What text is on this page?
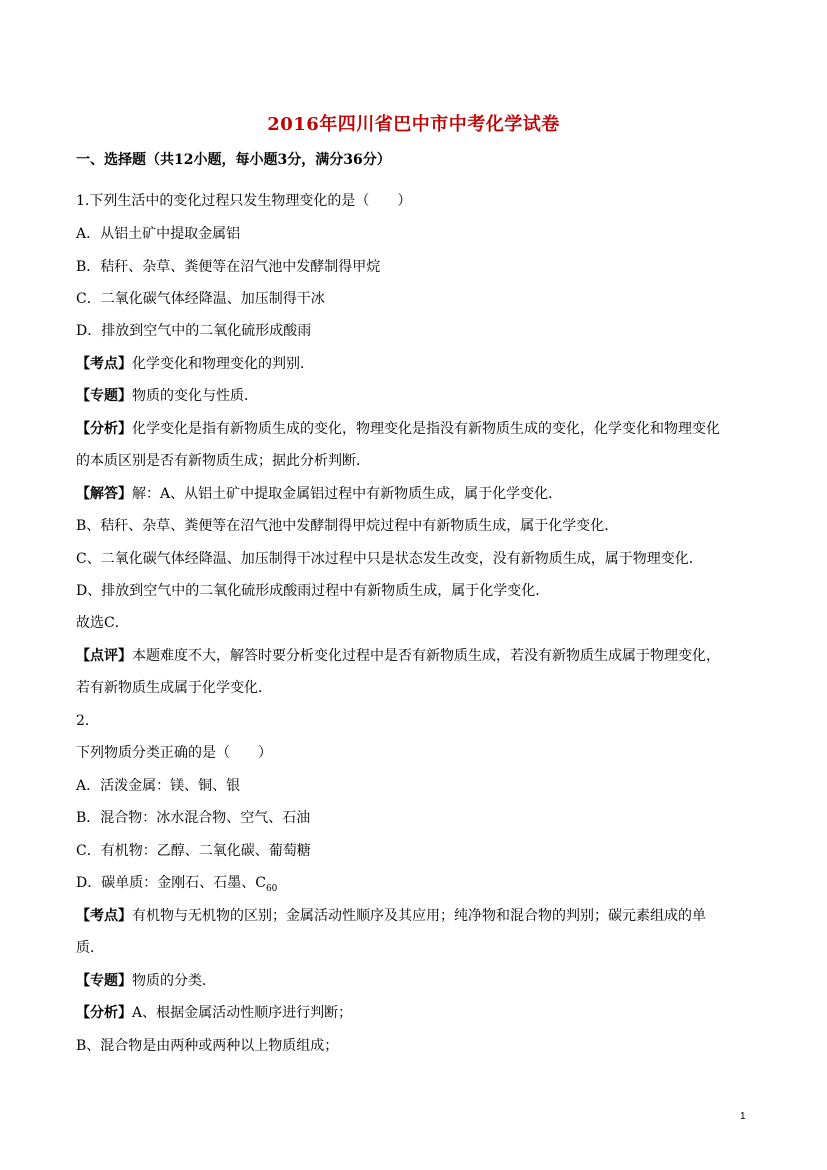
2016年四川省巴中市中考化学试卷
一、选择题（共12小题，每小题3分，满分36分）
1.下列生活中的变化过程只发生物理变化的是（　　）
A．从铝土矿中提取金属铝
B．秸秆、杂草、粪便等在沼气池中发酵制得甲烷
C．二氧化碳气体经降温、加压制得干冰
D．排放到空气中的二氧化硫形成酸雨
【考点】化学变化和物理变化的判别．
【专题】物质的变化与性质．
【分析】化学变化是指有新物质生成的变化，物理变化是指没有新物质生成的变化，化学变化和物理变化
的本质区别是否有新物质生成；据此分析判断．
【解答】解：A、从铝土矿中提取金属铝过程中有新物质生成，属于化学变化．
B、秸秆、杂草、粪便等在沼气池中发酵制得甲烷过程中有新物质生成，属于化学变化．
C、二氧化碳气体经降温、加压制得干冰过程中只是状态发生改变，没有新物质生成，属于物理变化．
D、排放到空气中的二氧化硫形成酸雨过程中有新物质生成，属于化学变化．
故选C．
【点评】本题难度不大，解答时要分析变化过程中是否有新物质生成，若没有新物质生成属于物理变化，
若有新物质生成属于化学变化．
2．
下列物质分类正确的是（　　）
A．活泼金属：镁、铜、银
B．混合物：冰水混合物、空气、石油
C．有机物：乙醇、二氧化碳、葡萄糖
D．碳单质：金刚石、石墨、$C_{60}$
【考点】有机物与无机物的区别；金属活动性顺序及其应用；纯净物和混合物的判别；碳元素组成的单
质．
【专题】物质的分类．
【分析】A、根据金属活动性顺序进行判断；
B、混合物是由两种或两种以上物质组成；
1
